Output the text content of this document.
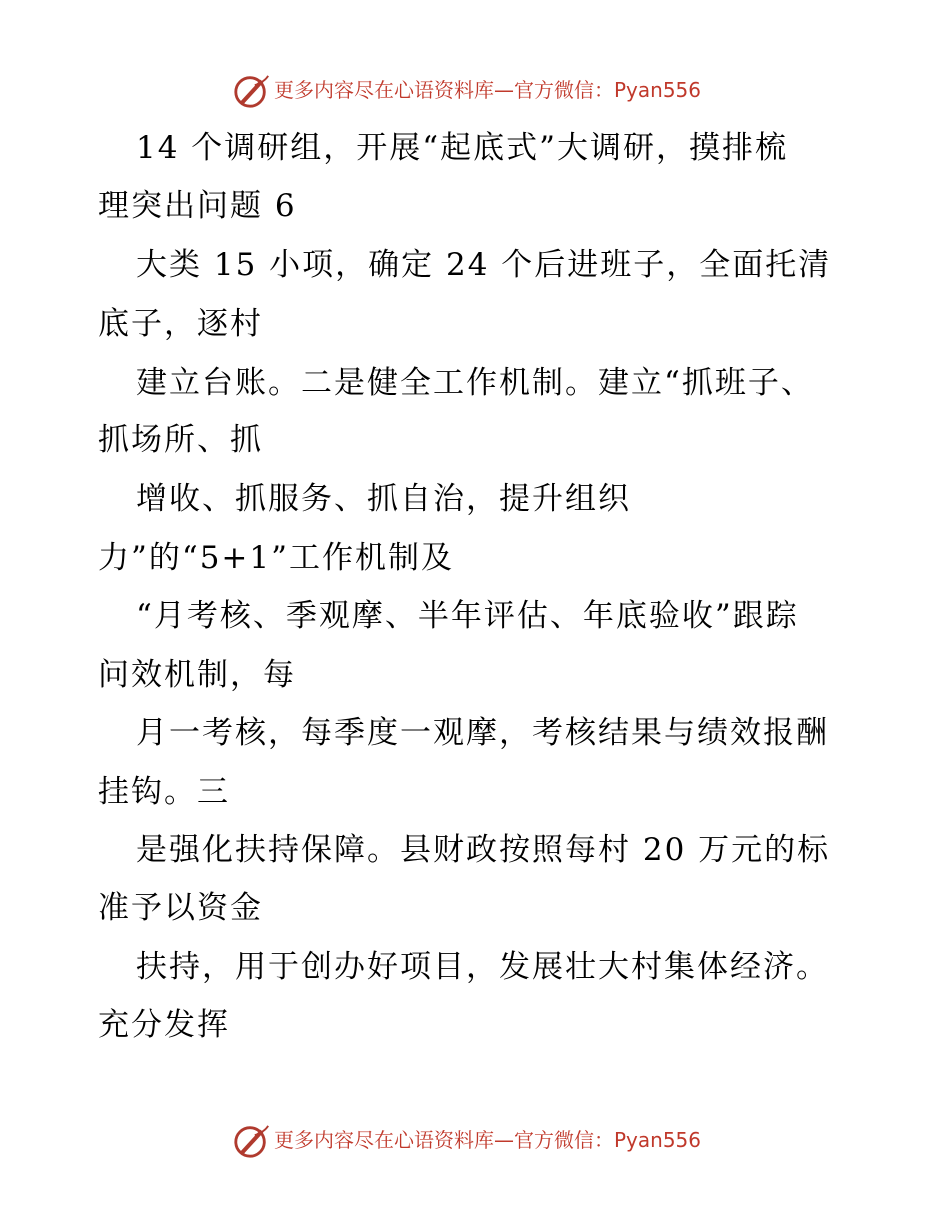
更多内容尽在心语资料库—官方微信：Pyan556
14 个调研组，开展“起底式”大调研，摸排梳
理突出问题 6
大类 15 小项，确定 24 个后进班子，全面托清
底子，逐村
建立台账。二是健全工作机制。建立“抓班子、
抓场所、抓
增收、抓服务、抓自治，提升组织
力”的“5+1”工作机制及
“月考核、季观摩、半年评估、年底验收”跟踪
问效机制，每
月一考核，每季度一观摩，考核结果与绩效报酬
挂钩。三
是强化扶持保障。县财政按照每村 20 万元的标
准予以资金
扶持，用于创办好项目，发展壮大村集体经济。
充分发挥
更多内容尽在心语资料库—官方微信：Pyan556
